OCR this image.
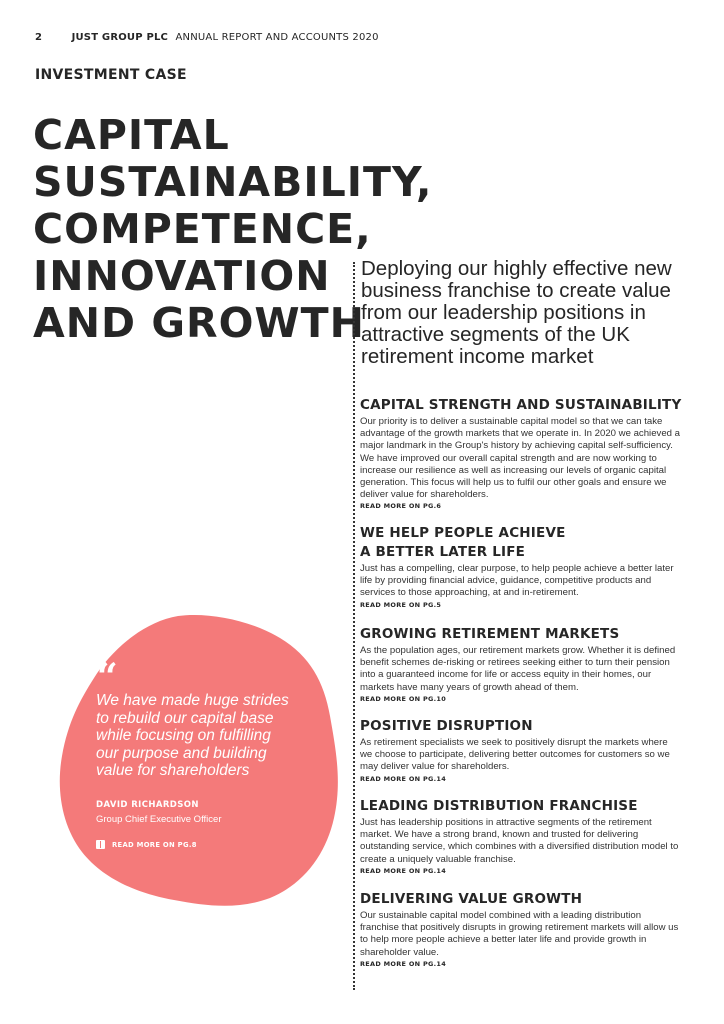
2	JUST GROUP PLC ANNUAL REPORT AND ACCOUNTS 2020
INVESTMENT CASE
CAPITAL
SUSTAINABILITY,
COMPETENCE,
INNOVATION
AND GROWTH
Deploying our highly effective new business franchise to create value from our leadership positions in attractive segments of the UK retirement income market
CAPITAL STRENGTH AND SUSTAINABILITY

Our priority is to deliver a sustainable capital model so that we can take advantage of the growth markets that we operate in. In 2020 we achieved a major landmark in the Group's history by achieving capital self-sufficiency. We have improved our overall capital strength and are now working to increase our resilience as well as increasing our levels of organic capital generation. This focus will help us to fulfil our other goals and ensure we deliver value for shareholders.

READ MORE ON PG.6
WE HELP PEOPLE ACHIEVE
A BETTER LATER LIFE

Just has a compelling, clear purpose, to help people achieve a better later life by providing financial advice, guidance, competitive products and services to those approaching, at and in-retirement.

READ MORE ON PG.5
GROWING RETIREMENT MARKETS

As the population ages, our retirement markets grow. Whether it is defined benefit schemes de-risking or retirees seeking either to turn their pension into a guaranteed income for life or access equity in their homes, our markets have many years of growth ahead of them.

READ MORE ON PG.10
POSITIVE DISRUPTION

As retirement specialists we seek to positively disrupt the markets where we choose to participate, delivering better outcomes for customers so we may deliver value for shareholders.

READ MORE ON PG.14
LEADING DISTRIBUTION FRANCHISE

Just has leadership positions in attractive segments of the retirement market. We have a strong brand, known and trusted for delivering outstanding service, which combines with a diversified distribution model to create a uniquely valuable franchise.

READ MORE ON PG.14
DELIVERING VALUE GROWTH

Our sustainable capital model combined with a leading distribution franchise that positively disrupts in growing retirement markets will allow us to help more people achieve a better later life and provide growth in shareholder value.

READ MORE ON PG.14
“
We have made huge strides to rebuild our capital base while focusing on fulfilling our purpose and building value for shareholders
DAVID RICHARDSON
Group Chief Executive Officer
READ MORE ON PG.8
